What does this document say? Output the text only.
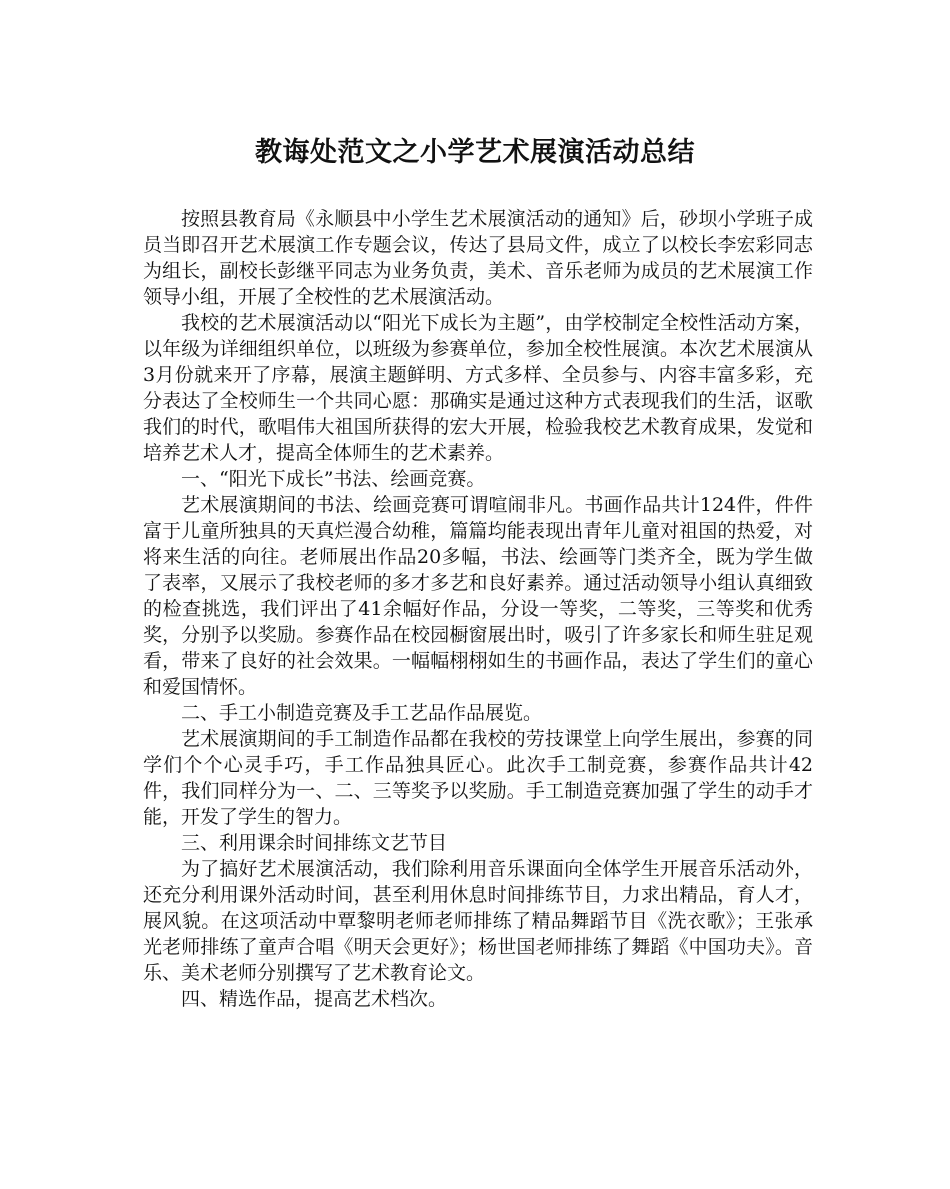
教诲处范文之小学艺术展演活动总结

按照县教育局《永顺县中小学生艺术展演活动的通知》后，砂坝小学班子成员当即召开艺术展演工作专题会议，传达了县局文件，成立了以校长李宏彩同志为组长，副校长彭继平同志为业务负责，美术、音乐老师为成员的艺术展演工作领导小组，开展了全校性的艺术展演活动。

我校的艺术展演活动以“阳光下成长为主题”，由学校制定全校性活动方案，以年级为详细组织单位，以班级为参赛单位，参加全校性展演。本次艺术展演从3月份就来开了序幕，展演主题鲜明、方式多样、全员参与、内容丰富多彩，充分表达了全校师生一个共同心愿：那确实是通过这种方式表现我们的生活，讴歌我们的时代，歌唱伟大祖国所获得的宏大开展，检验我校艺术教育成果，发觉和培养艺术人才，提高全体师生的艺术素养。

一、“阳光下成长”书法、绘画竞赛。

艺术展演期间的书法、绘画竞赛可谓喧闹非凡。书画作品共计124件，件件富于儿童所独具的天真烂漫合幼稚，篇篇均能表现出青年儿童对祖国的热爱，对将来生活的向往。老师展出作品20多幅，书法、绘画等门类齐全，既为学生做了表率，又展示了我校老师的多才多艺和良好素养。通过活动领导小组认真细致的检查挑选，我们评出了41余幅好作品，分设一等奖，二等奖，三等奖和优秀奖，分别予以奖励。参赛作品在校园橱窗展出时，吸引了许多家长和师生驻足观看，带来了良好的社会效果。一幅幅栩栩如生的书画作品，表达了学生们的童心和爱国情怀。

二、手工小制造竞赛及手工艺品作品展览。

艺术展演期间的手工制造作品都在我校的劳技课堂上向学生展出，参赛的同学们个个心灵手巧，手工作品独具匠心。此次手工制竞赛，参赛作品共计42件，我们同样分为一、二、三等奖予以奖励。手工制造竞赛加强了学生的动手才能，开发了学生的智力。

三、利用课余时间排练文艺节目

为了搞好艺术展演活动，我们除利用音乐课面向全体学生开展音乐活动外，还充分利用课外活动时间，甚至利用休息时间排练节目，力求出精品，育人才，展风貌。在这项活动中覃黎明老师老师排练了精品舞蹈节目《洗衣歌》；王张承光老师排练了童声合唱《明天会更好》；杨世国老师排练了舞蹈《中国功夫》。音乐、美术老师分别撰写了艺术教育论文。

四、精选作品，提高艺术档次。
